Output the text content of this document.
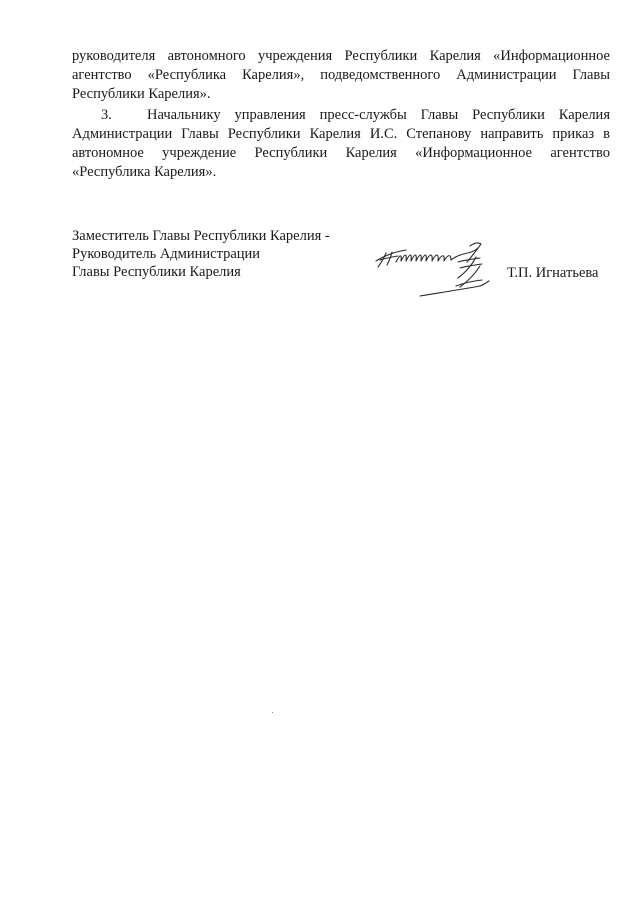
руководителя автономного учреждения Республики Карелия «Информационное
агентство «Республика Карелия», подведомственного Администрации Главы
Республики Карелия».
3. Начальнику управления пресс-службы Главы Республики Карелия
Администрации Главы Республики Карелия И.С. Степанову направить приказ в
автономное учреждение Республики Карелия «Информационное агентство
«Республика Карелия».
Заместитель Главы Республики Карелия -
Руководитель Администрации
Главы Республики Карелия	Т.П. Игнатьева
